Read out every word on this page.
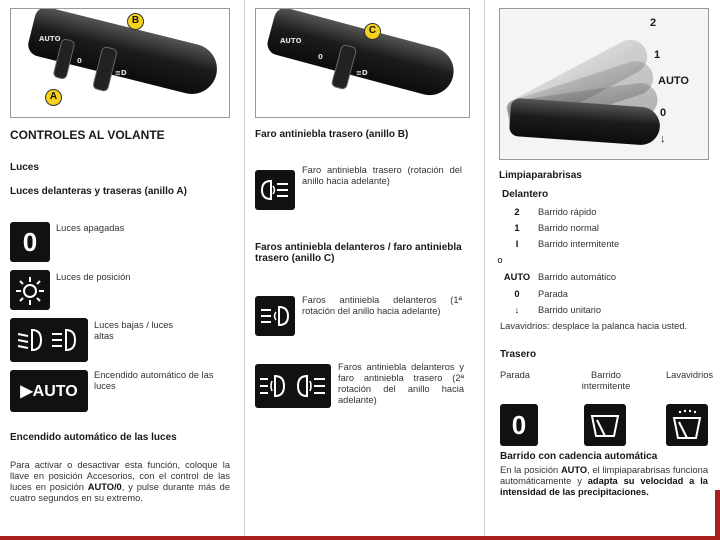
AUTO
0
≡D
A
B
CONTROLES AL VOLANTE
Luces
Luces delanteras y traseras (anillo A)
0 Luces apagadas
Luces de posición
Luces bajas / luces altas
▶AUTO
Encendido automático de las luces
Encendido automático de las luces
Para activar o desactivar esta función, coloque la llave en posición Accesorios, con el control de las luces en posición AUTO/0, y pulse durante más de cuatro segundos en su extremo.
AUTO
0
≡D
C
Faro antiniebla trasero (anillo B)
Faro antiniebla trasero (rotación del anillo hacia adelante)
Faros antiniebla delanteros / faro antiniebla trasero (anillo C)
Faros antiniebla delanteros (1ª rotación del anillo hacia adelante)
Faros antiniebla delanteros y faro antiniebla trasero (2ª rotación del anillo hacia adelante)
2
1
AUTO
0
↓
Limpiaparabrisas
Delantero
2 Barrido rápido
1 Barrido normal
I Barrido intermitente
o
AUTO Barrido automático
0 Parada
↓ Barrido unitario
Lavavidrios: desplace la palanca hacia usted.
Trasero
Parada	Barrido intermitente
Lavavidrios
0
Barrido con cadencia automática
En la posición AUTO, el limpiaparabrisas funciona automáticamente y adapta su velocidad a la intensidad de las precipitaciones.
